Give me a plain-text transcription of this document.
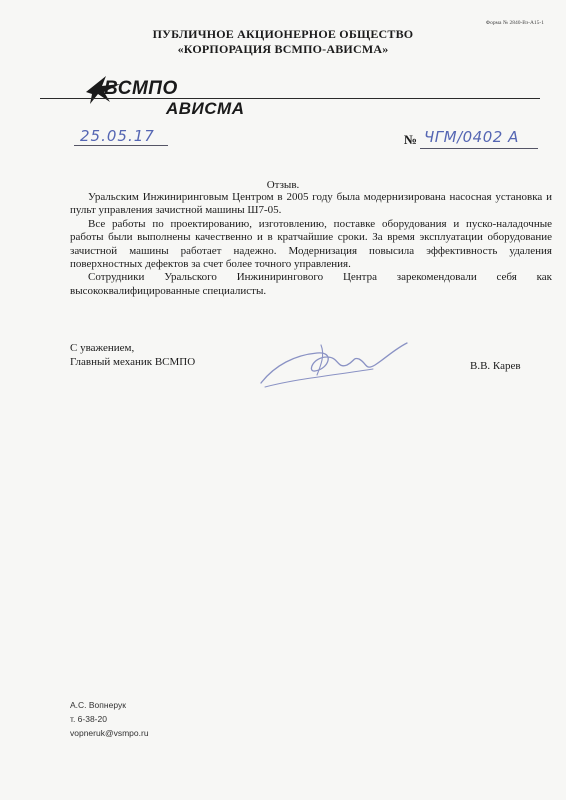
Форма № 2840-Вз-А15-1
ПУБЛИЧНОЕ АКЦИОНЕРНОЕ ОБЩЕСТВО
«КОРПОРАЦИЯ ВСМПО-АВИСМА»
ВСМПО
АВИСМА
25.05.17	№ ЧГМ/0402 А
Отзыв.

Уральским Инжиниринговым Центром в 2005 году была модернизирована насосная установка и пульт управления зачистной машины Ш7-05.

Все работы по проектированию, изготовлению, поставке оборудования и пуско-наладочные работы были выполнены качественно и в кратчайшие сроки. За время эксплуатации оборудование зачистной машины работает надежно. Модернизация повысила эффективность удаления поверхностных дефектов за счет более точного управления.

Сотрудники Уральского Инжинирингового Центра зарекомендовали себя как высококвалифицированные специалисты.

С уважением,
Главный механик ВСМПО	В.В. Карев
А.С. Вопнерук
т. 6-38-20
vopneruk@vsmpo.ru
